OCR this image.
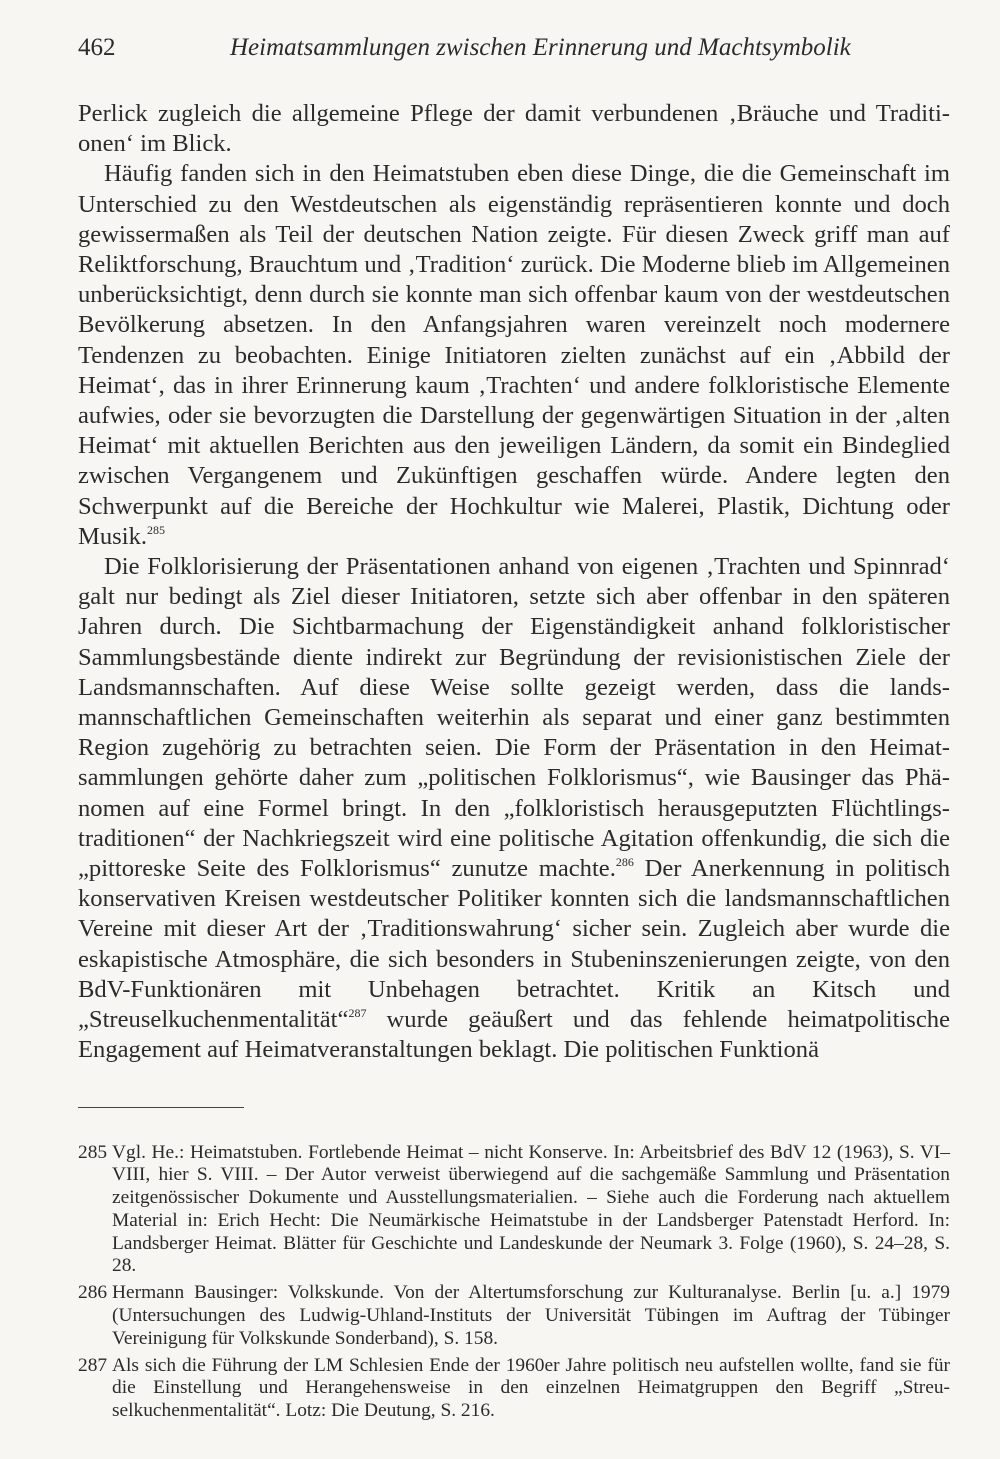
462	Heimatsammlungen zwischen Erinnerung und Machtsymbolik

Perlick zugleich die allgemeine Pflege der damit verbundenen ‚Bräuche und Traditionen‘ im Blick.

Häufig fanden sich in den Heimatstuben eben diese Dinge, die die Gemeinschaft im Unterschied zu den Westdeutschen als eigenständig repräsentieren konnte und doch gewissermaßen als Teil der deutschen Nation zeigte. Für diesen Zweck griff man auf Reliktforschung, Brauchtum und ‚Tradition‘ zurück. Die Moderne blieb im Allgemeinen unberücksichtigt, denn durch sie konnte man sich offenbar kaum von der westdeutschen Bevölkerung absetzen. In den Anfangsjahren waren vereinzelt noch modernere Tendenzen zu beobachten. Einige Initiatoren zielten zunächst auf ein ‚Abbild der Heimat‘, das in ihrer Erinnerung kaum ‚Trachten‘ und andere folkloristische Elemente aufwies, oder sie bevorzugten die Darstellung der gegenwärtigen Situation in der ‚alten Heimat‘ mit aktuellen Berichten aus den jeweiligen Ländern, da somit ein Bindeglied zwischen Vergangenem und Zukünftigen geschaffen würde. Andere legten den Schwerpunkt auf die Bereiche der Hochkultur wie Malerei, Plastik, Dichtung oder Musik.$^{285}$

Die Folklorisierung der Präsentationen anhand von eigenen ‚Trachten und Spinnrad‘ galt nur bedingt als Ziel dieser Initiatoren, setzte sich aber offenbar in den späteren Jahren durch. Die Sichtbarmachung der Eigenständigkeit anhand folkloristischer Sammlungsbestände diente indirekt zur Begründung der revisionistischen Ziele der Landsmannschaften. Auf diese Weise sollte gezeigt werden, dass die landsmannschaftlichen Gemeinschaften weiterhin als separat und einer ganz bestimmten Region zugehörig zu betrachten seien. Die Form der Präsentation in den Heimatsammlungen gehörte daher zum „politischen Folklorismus“, wie Bausinger das Phänomen auf eine Formel bringt. In den „folkloristisch herausgeputzten Flüchtlingstraditionen“ der Nachkriegszeit wird eine politische Agitation offenkundig, die sich die „pittoreske Seite des Folklorismus“ zunutze machte.$^{286}$ Der Anerkennung in politisch konservativen Kreisen westdeutscher Politiker konnten sich die landsmannschaftlichen Vereine mit dieser Art der ‚Traditionswahrung‘ sicher sein. Zugleich aber wurde die eskapistische Atmosphäre, die sich besonders in Stubeninszenierungen zeigte, von den BdV-Funktionären mit Unbehagen betrachtet. Kritik an Kitsch und „Streuselkuchenmentalität“$^{287}$ wurde geäußert und das fehlende heimatpolitische Engagement auf Heimatveranstaltungen beklagt. Die politischen Funktionä

285 Vgl. He.: Heimatstuben. Fortlebende Heimat – nicht Konserve. In: Arbeitsbrief des BdV 12 (1963), S. VI–VIII, hier S. VIII. – Der Autor verweist überwiegend auf die sachgemäße Sammlung und Präsentation zeitgenössischer Dokumente und Ausstellungsmaterialien. – Siehe auch die Forderung nach aktuellem Material in: Erich Hecht: Die Neumärkische Heimatstube in der Landsberger Patenstadt Herford. In: Landsberger Heimat. Blätter für Geschichte und Landeskunde der Neumark 3. Folge (1960), S. 24–28, S. 28.
286 Hermann Bausinger: Volkskunde. Von der Altertumsforschung zur Kulturanalyse. Berlin [u. a.] 1979 (Untersuchungen des Ludwig-Uhland-Instituts der Universität Tübingen im Auftrag der Tübinger Vereinigung für Volkskunde Sonderband), S. 158.
287 Als sich die Führung der LM Schlesien Ende der 1960er Jahre politisch neu aufstellen wollte, fand sie für die Einstellung und Herangehensweise in den einzelnen Heimatgruppen den Begriff „Streuselkuchenmentalität“. Lotz: Die Deutung, S. 216.
